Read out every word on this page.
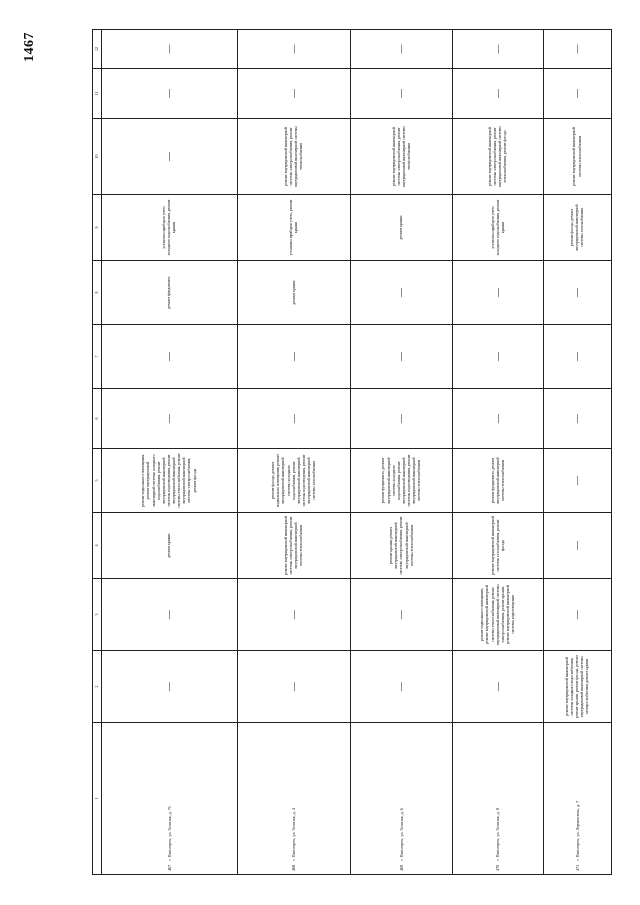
1467
1	2	3	4	5	6	7	8	9	10	11	12
467г. Пятигорск, ул. Зеленая, д. 71	—	—	ремонт крыши	ремонт подвального помещения, ремонт внутридомовой инженерной системы холодного водоснабжения, ремонт внутридомовой инженерной системы водоотведения, ремонт внутридомовой инженерной системы теплоснабжения, ремонт внутридомовой инженерной системы электроснабжения, ремонт фасада	—	—	ремонт фундамента	установка приборов учета холодного водоснабжения, ремонт крыши	—	—	—
468г. Пятигорск, ул. Зеленая, д. 4	—	—	ремонт внутридомовой инженерной системы электроснабжения, ремонт внутридомовой инженерной системы теплоснабжения	ремонт фасада, ремонт подвального помещения, ремонт внутридомовой инженерной системы холодного водоснабжения, ремонт внутридомовой инженерной системы водоотведения, ремонт внутридомовой инженерной системы газоснабжения	—	—	ремонт крыши	установка приборов учета, ремонт крыши	ремонт внутридомовой инженерной системы электроснабжения, ремонт внутридомовой инженерной системы теплоснабжения	—	—
469г. Пятигорск, ул. Зеленая, д. 6	—	—	ремонт крыши, ремонт внутридомовой инженерной системы электроснабжения, ремонт внутридомовой инженерной системы теплоснабжения	ремонт фундамента, ремонт внутридомовой инженерной системы холодного водоснабжения, ремонт внутридомовой инженерной системы водоотведения, ремонт внутридомовой инженерной системы теплоснабжения	—	—	—	ремонт крыши	ремонт внутридомовой инженерной системы электроснабжения, ремонт внутридомовой инженерной системы теплоснабжения	—	—
470г. Пятигорск, ул. Зеленая, д. 8	—	ремонт подвального помещения, ремонт внутридомовой инженерной системы теплоснабжения, ремонт внутридомовой инженерной системы электроснабжения, ремонт крыши, ремонт внутридомовой инженерной системы водоотведения	ремонт внутридомовой инженерной системы газоснабжения, ремонт фасада	ремонт фундамента, ремонт внутридомовой инженерной системы теплоснабжения	—	—	—	установка приборов учета холодного водоснабжения, ремонт крыши	ремонт внутридомовой инженерной системы электроснабжения, ремонт внутридомовой инженерной системы теплоснабжения, ремонт фасада	—	—
471г. Пятигорск, ул. Лермонтова, д. 7	ремонт внутридомовой инженерной системы холодного водоснабжения, ремонт крыши, ремонт фасада, ремонт внутридомовой инженерной системы электроснабжения, ремонт крыши	—	—	—	—	—	—	ремонт фасада, ремонт внутридомовой инженерной системы газоснабжения	ремонт внутридомовой инженерной системы теплоснабжения	—	—
